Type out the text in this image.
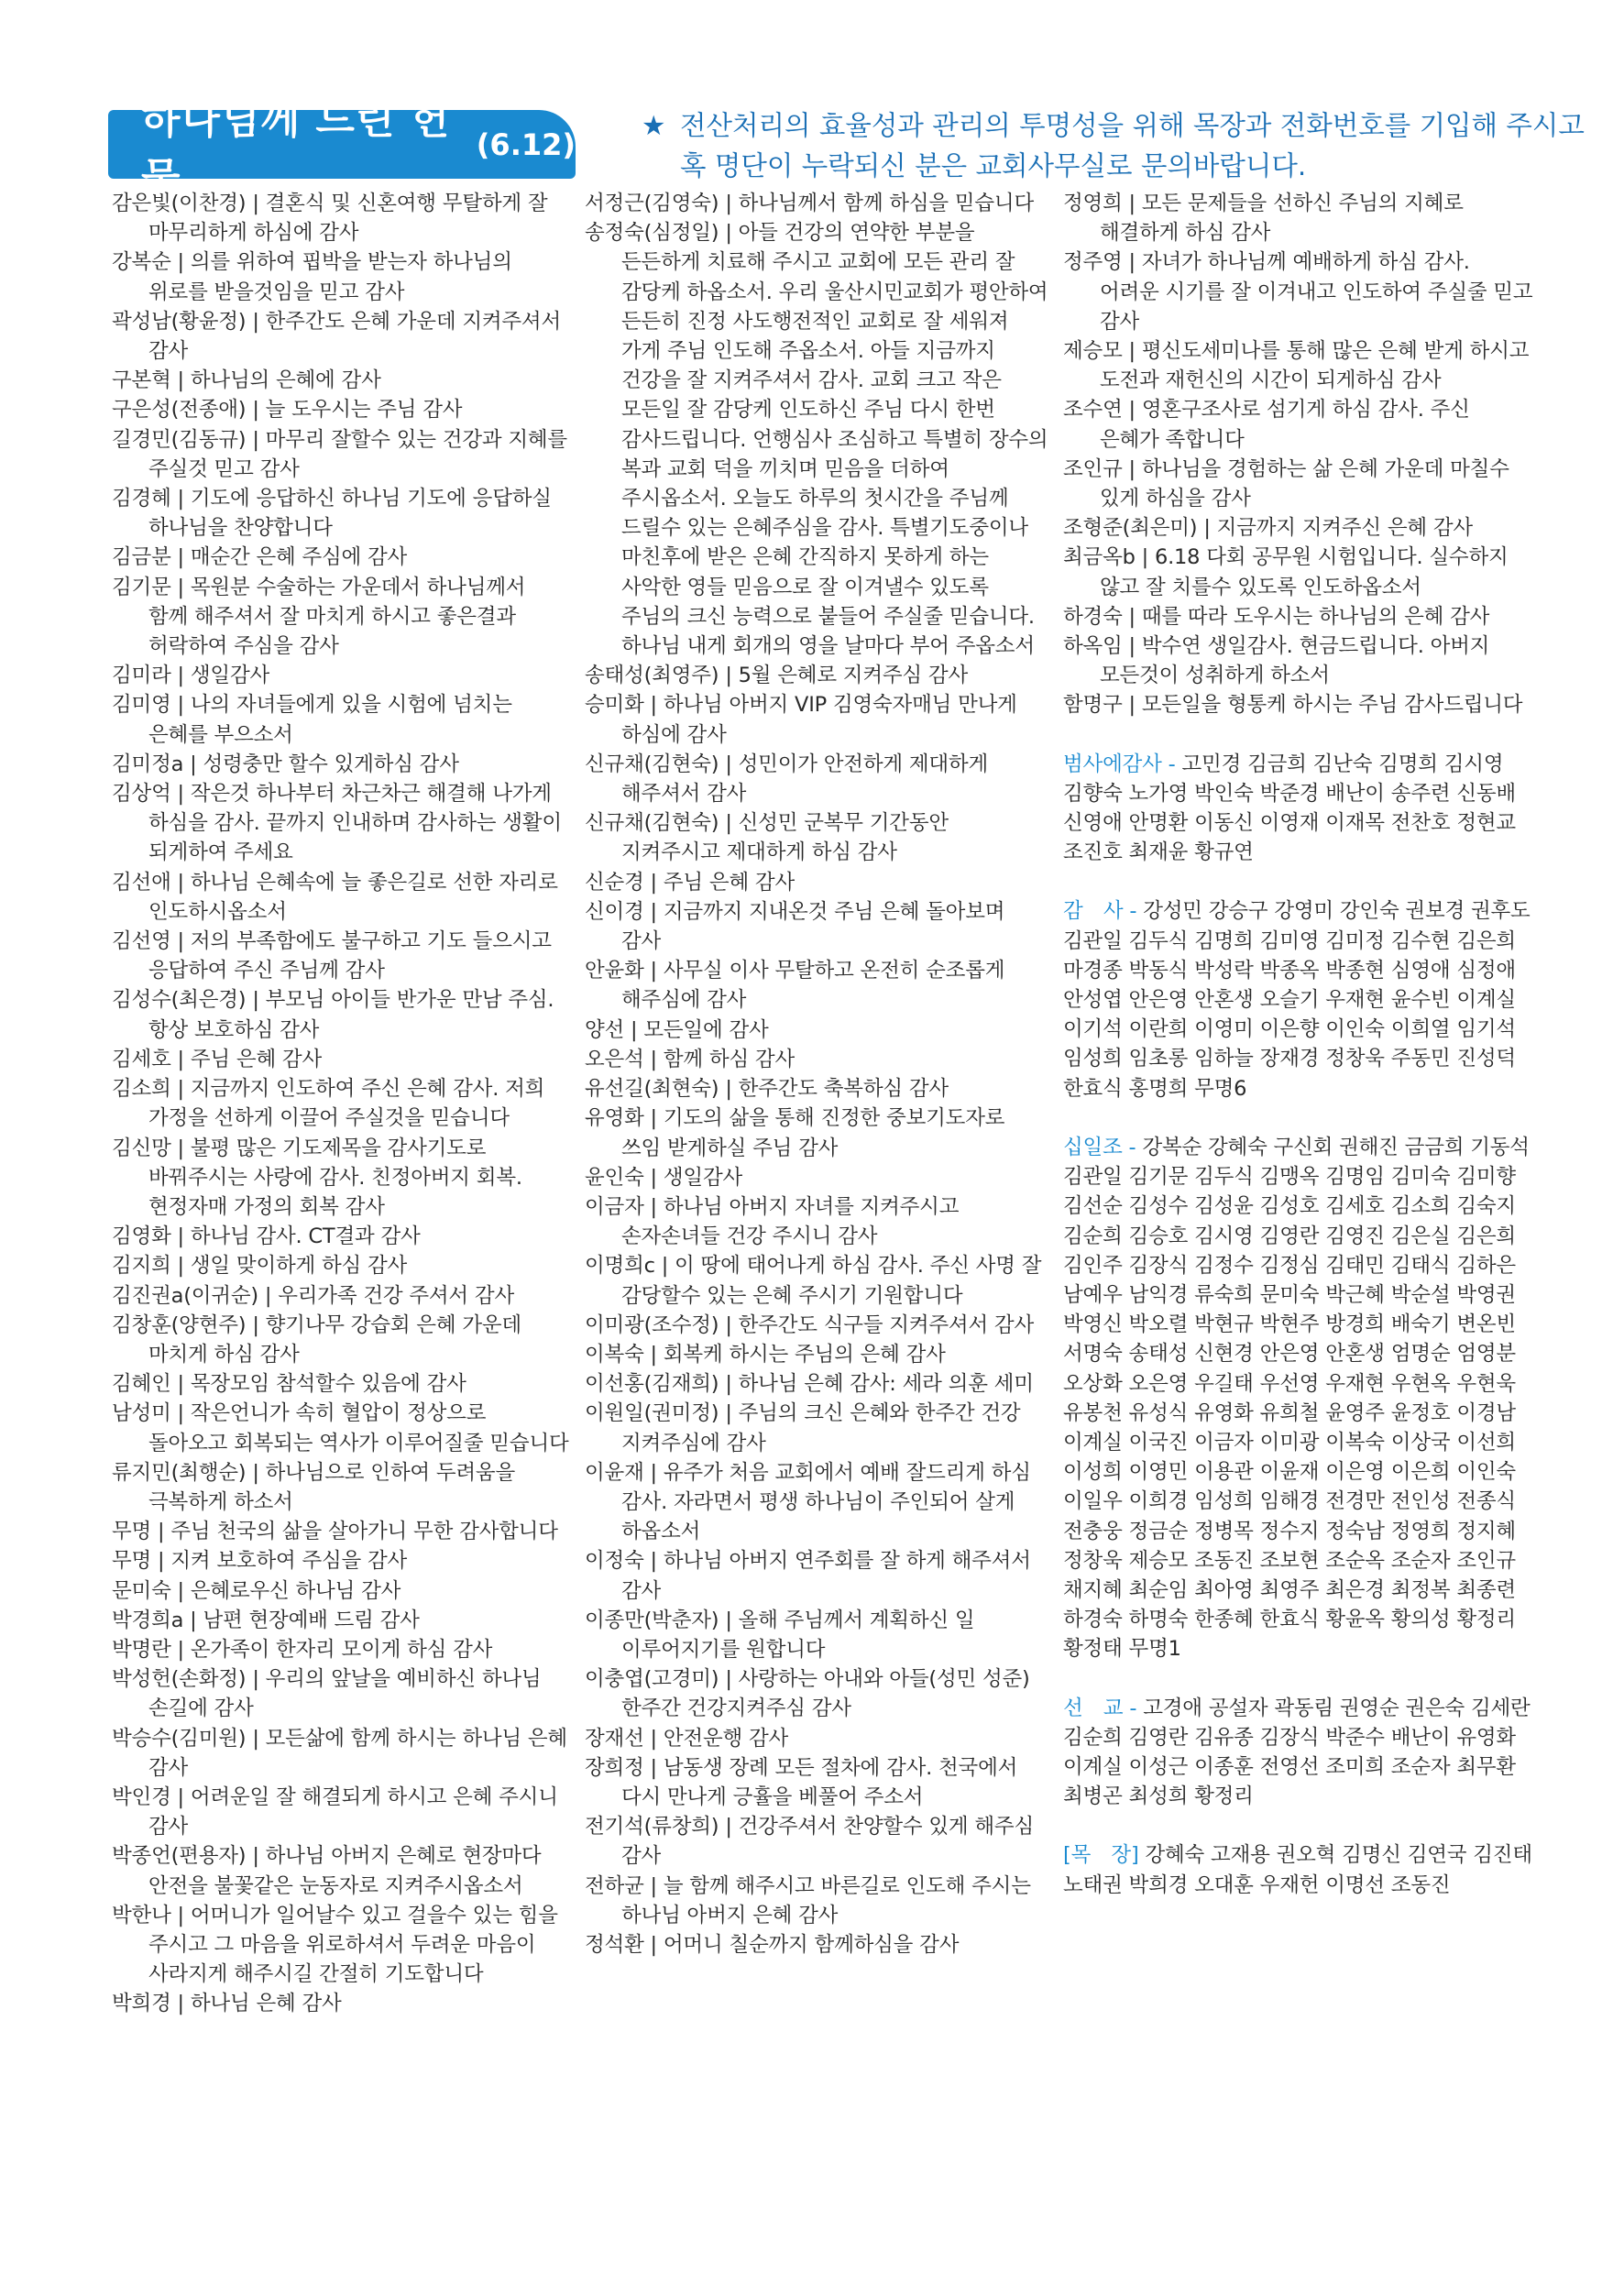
하나님께 드린 헌물
(6.12)
★ 전산처리의 효율성과 관리의 투명성을 위해 목장과 전화번호를 기입해 주시고
혹 명단이 누락되신 분은 교회사무실로 문의바랍니다.
감은빛(이찬경) | 결혼식 및 신혼여행 무탈하게 잘 마무리하게 하심에 감사
강복순 | 의를 위하여 핍박을 받는자 하나님의 위로를 받을것임을 믿고 감사
곽성남(황윤정) | 한주간도 은혜 가운데 지켜주셔서 감사
구본혁 | 하나님의 은혜에 감사
구은성(전종애) | 늘 도우시는 주님 감사
길경민(김동규) | 마무리 잘할수 있는 건강과 지혜를 주실것 믿고 감사
김경혜 | 기도에 응답하신 하나님 기도에 응답하실 하나님을 찬양합니다
김금분 | 매순간 은혜 주심에 감사
김기문 | 목원분 수술하는 가운데서 하나님께서 함께 해주셔서 잘 마치게 하시고 좋은결과 허락하여 주심을 감사
김미라 | 생일감사
김미영 | 나의 자녀들에게 있을 시험에 넘치는 은혜를 부으소서
김미정a | 성령충만 할수 있게하심 감사
김상억 | 작은것 하나부터 차근차근 해결해 나가게 하심을 감사. 끝까지 인내하며 감사하는 생활이 되게하여 주세요
김선애 | 하나님 은혜속에 늘 좋은길로 선한 자리로 인도하시옵소서
김선영 | 저의 부족함에도 불구하고 기도 들으시고 응답하여 주신 주님께 감사
김성수(최은경) | 부모님 아이들 반가운 만남 주심. 항상 보호하심 감사
김세호 | 주님 은혜 감사
김소희 | 지금까지 인도하여 주신 은혜 감사. 저희 가정을 선하게 이끌어 주실것을 믿습니다
김신망 | 불평 많은 기도제목을 감사기도로 바꿔주시는 사랑에 감사. 친정아버지 회복.현정자매 가정의 회복 감사
김영화 | 하나님 감사. CT결과 감사
김지희 | 생일 맞이하게 하심 감사
김진권a(이귀순) | 우리가족 건강 주셔서 감사
김창훈(양현주) | 향기나무 강습회 은혜 가운데 마치게 하심 감사
김혜인 | 목장모임 참석할수 있음에 감사
남성미 | 작은언니가 속히 혈압이 정상으로 돌아오고 회복되는 역사가 이루어질줄 믿습니다
류지민(최행순) | 하나님으로 인하여 두려움을 극복하게 하소서
무명 | 주님 천국의 삶을 살아가니 무한 감사합니다
무명 | 지켜 보호하여 주심을 감사
문미숙 | 은혜로우신 하나님 감사
박경희a | 남편 현장예배 드림 감사
박명란 | 온가족이 한자리 모이게 하심 감사
박성헌(손화정) | 우리의 앞날을 예비하신 하나님 손길에 감사
박승수(김미원) | 모든삶에 함께 하시는 하나님 은혜 감사
박인경 | 어려운일 잘 해결되게 하시고 은혜 주시니 감사
박종언(편용자) | 하나님 아버지 은혜로 현장마다 안전을 불꽃같은 눈동자로 지켜주시옵소서
박한나 | 어머니가 일어날수 있고 걸을수 있는 힘을 주시고 그 마음을 위로하셔서 두려운 마음이 사라지게 해주시길 간절히 기도합니다
박희경 | 하나님 은혜 감사
서정근(김영숙) | 하나님께서 함께 하심을 믿습니다
송정숙(심정일) | 아들 건강의 연약한 부분을 든든하게 치료해 주시고 교회에 모든 관리 잘 감당케 하옵소서. 우리 울산시민교회가 평안하여 든든히 진정 사도행전적인 교회로 잘 세워져 가게 주님 인도해 주옵소서. 아들 지금까지 건강을 잘 지켜주셔서 감사. 교회 크고 작은 모든일 잘 감당케 인도하신 주님 다시 한번 감사드립니다. 언행심사 조심하고 특별히 장수의 복과 교회 덕을 끼치며 믿음을 더하여 주시옵소서. 오늘도 하루의 첫시간을 주님께 드릴수 있는 은혜주심을 감사. 특별기도중이나 마친후에 받은 은혜 간직하지 못하게 하는 사악한 영들 믿음으로 잘 이겨낼수 있도록 주님의 크신 능력으로 붙들어 주실줄 믿습니다. 하나님 내게 회개의 영을 날마다 부어 주옵소서
송태성(최영주) | 5월 은혜로 지켜주심 감사
승미화 | 하나님 아버지 VIP 김영숙자매님 만나게 하심에 감사
신규채(김현숙) | 성민이가 안전하게 제대하게 해주셔서 감사
신규채(김현숙) | 신성민 군복무 기간동안 지켜주시고 제대하게 하심 감사
신순경 | 주님 은혜 감사
신이경 | 지금까지 지내온것 주님 은혜 돌아보며 감사
안윤화 | 사무실 이사 무탈하고 온전히 순조롭게 해주심에 감사
양선 | 모든일에 감사
오은석 | 함께 하심 감사
유선길(최현숙) | 한주간도 축복하심 감사
유영화 | 기도의 삶을 통해 진정한 중보기도자로 쓰임 받게하실 주님 감사
윤인숙 | 생일감사
이금자 | 하나님 아버지 자녀를 지켜주시고 손자손녀들 건강 주시니 감사
이명희c | 이 땅에 태어나게 하심 감사. 주신 사명 잘 감당할수 있는 은혜 주시기 기원합니다
이미광(조수정) | 한주간도 식구들 지켜주셔서 감사
이복숙 | 회복케 하시는 주님의 은혜 감사
이선홍(김재희) | 하나님 은혜 감사: 세라 의훈 세미
이원일(권미정) | 주님의 크신 은혜와 한주간 건강 지켜주심에 감사
이윤재 | 유주가 처음 교회에서 예배 잘드리게 하심 감사. 자라면서 평생 하나님이 주인되어 살게 하옵소서
이정숙 | 하나님 아버지 연주회를 잘 하게 해주셔서 감사
이종만(박춘자) | 올해 주님께서 계획하신 일 이루어지기를 원합니다
이충엽(고경미) | 사랑하는 아내와 아들(성민 성준) 한주간 건강지켜주심 감사
장재선 | 안전운행 감사
장희정 | 남동생 장례 모든 절차에 감사. 천국에서 다시 만나게 긍휼을 베풀어 주소서
전기석(류창희) | 건강주셔서 찬양할수 있게 해주심 감사
전하균 | 늘 함께 해주시고 바른길로 인도해 주시는 하나님 아버지 은혜 감사
정석환 | 어머니 칠순까지 함께하심을 감사
정영희 | 모든 문제들을 선하신 주님의 지혜로 해결하게 하심 감사
정주영 | 자녀가 하나님께 예배하게 하심 감사. 어려운 시기를 잘 이겨내고 인도하여 주실줄 믿고 감사
제승모 | 평신도세미나를 통해 많은 은혜 받게 하시고 도전과 재헌신의 시간이 되게하심 감사
조수연 | 영혼구조사로 섬기게 하심 감사. 주신 은혜가 족합니다
조인규 | 하나님을 경험하는 삶 은혜 가운데 마칠수 있게 하심을 감사
조형준(최은미) | 지금까지 지켜주신 은혜 감사
최금옥b | 6.18 다회 공무원 시험입니다. 실수하지 않고 잘 치를수 있도록 인도하옵소서
하경숙 | 때를 따라 도우시는 하나님의 은혜 감사
하옥임 | 박수연 생일감사. 현금드립니다. 아버지 모든것이 성취하게 하소서
함명구 | 모든일을 형통케 하시는 주님 감사드립니다
범사에감사 - 고민경 김금희 김난숙 김명희 김시영 김향숙 노가영 박인숙 박준경 배난이 송주련 신동배 신영애 안명환 이동신 이영재 이재목 전찬호 정현교 조진호 최재윤 황규연
감　사 - 강성민 강승구 강영미 강인숙 권보경 권후도 김관일 김두식 김명희 김미영 김미정 김수현 김은희 마경종 박동식 박성락 박종옥 박종현 심영애 심정애 안성엽 안은영 안혼생 오슬기 우재현 윤수빈 이계실 이기석 이란희 이영미 이은향 이인숙 이희열 임기석 임성희 임초롱 임하늘 장재경 정창욱 주동민 진성덕 한효식 홍명희 무명6
십일조 - 강복순 강혜숙 구신회 권해진 금금희 기동석 김관일 김기문 김두식 김맹옥 김명임 김미숙 김미향 김선순 김성수 김성윤 김성호 김세호 김소희 김숙지 김순희 김승호 김시영 김영란 김영진 김은실 김은희 김인주 김장식 김정수 김정심 김태민 김태식 김하은 남예우 남익경 류숙희 문미숙 박근혜 박순설 박영권 박영신 박오렬 박현규 박현주 방경희 배숙기 변온빈 서명숙 송태성 신현경 안은영 안혼생 엄명순 엄영분 오상화 오은영 우길태 우선영 우재현 우현옥 우현욱 유봉천 유성식 유영화 유희철 윤영주 윤정호 이경남 이계실 이국진 이금자 이미광 이복숙 이상국 이선희 이성희 이영민 이용관 이윤재 이은영 이은희 이인숙 이일우 이희경 임성희 임해경 전경만 전인성 전종식 전충웅 정금순 정병목 정수지 정숙남 정영희 정지혜 정창욱 제승모 조동진 조보현 조순옥 조순자 조인규 채지혜 최순임 최아영 최영주 최은경 최정복 최종련 하경숙 하명숙 한종혜 한효식 황윤옥 황의성 황정리 황정태 무명1
선　교 - 고경애 공설자 곽동림 권영순 권은숙 김세란 김순희 김영란 김유종 김장식 박준수 배난이 유영화 이계실 이성근 이종훈 전영선 조미희 조순자 최무환 최병곤 최성희 황정리
[목　장] 강혜숙 고재용 권오혁 김명신 김연국 김진태 노태권 박희경 오대훈 우재헌 이명선 조동진
